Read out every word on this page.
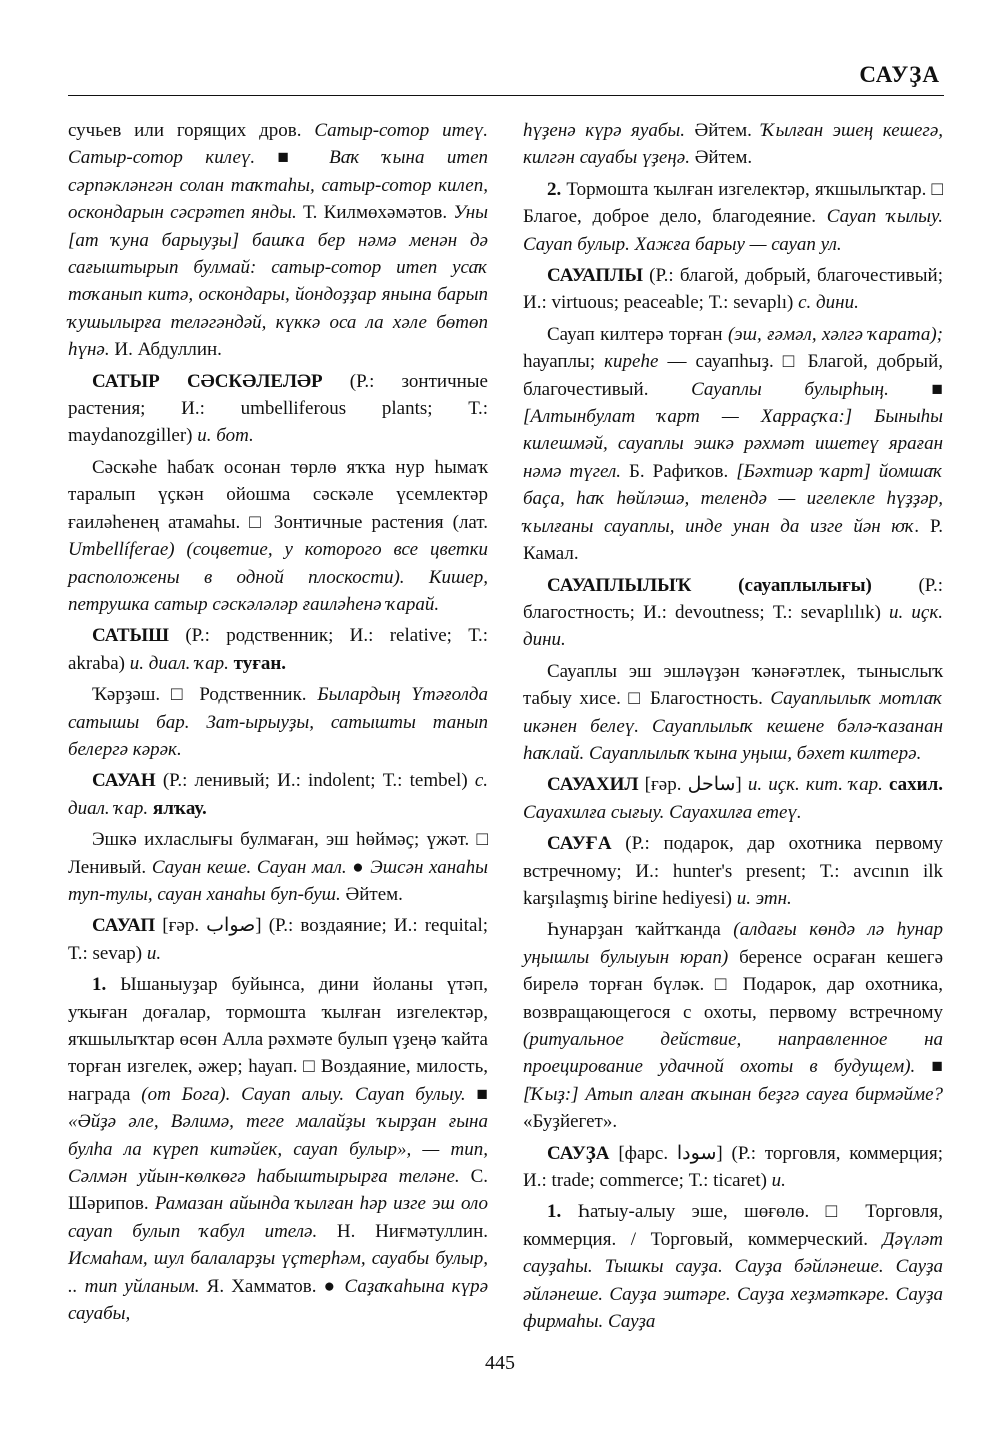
САУҘА

сучьев или горящих дров. Сатыр-сотор итеү. Сатыр-сотор килеү. ■ Ваҡ ҡына итеп сәрпәкләнгән солан таҡтаһы, сатыр-сотор килеп, оскондарын сәсрәтеп янды. Т. Килмөхәмәтов. Уны [ат ҡуна барыуҙы] башҡа бер нәмә менән дә сағыштырып булмай: сатыр-сотор итеп усаҡ тоҡанып китә, оскондары, йондоҙҙар янына барып ҡушылырға теләгәндәй, күккә оса ла хәле бөтөп һүнә. И. Абдуллин.

САТЫР СӘСКӘЛЕЛӘР (Р.: зонтичные растения; И.: umbelliferous plants; Т.: maydanozgiller) и. бот.

Сәскәһе һабаҡ осонан төрлө яҡҡа нур һымаҡ таралып үҫкән ойошма сәскәле үсемлектәр ғаиләһенең атамаһы. □ Зонтичные растения (лат. Umbellíferae) (соцветие, у которого все цветки расположены в одной плоскости). Кишер, петрушка сатыр сәскәләләр ғаиләһенә ҡарай.

САТЫШ (Р.: родственник; И.: relative; Т.: akraba) и. диал. ҡар. туған.

Ҡәрҙәш. □ Родственник. Былардың Үтәғолда сатышы бар. Зат-ырыуҙы, сатышты танып белергә кәрәк.

САУАН (Р.: ленивый; И.: indolent; Т.: tembel) с. диал. ҡар. ялҡау.

Эшкә ихласлығы булмаған, эш һөймәҫ; үжәт. □ Ленивый. Сауан кеше. Сауан мал. ● Эшсән ханаһы туп-тулы, сауан ханаһы буп-буш. Әйтем.

САУАП [ғәр. صواب] (Р.: воздаяние; И.: requital; Т.: sevap) и.

1. Ышаныуҙар буйынса, дини йоланы үтәп, уҡыған доғалар, тормошта ҡылған изгелектәр, яҡшылыҡтар өсөн Алла рәхмәте булып үҙеңә ҡайта торған изгелек, әжер; һауап. □ Воздаяние, милость, награда (от Бога). Сауап алыу. Сауап булыу. ■ «Әйҙә әле, Вәлимә, теге малайҙы ҡырҙан ғына булһа ла күреп китәйек, сауап булыр», — тип, Сәлмән уйын-көлкөгә һабыштырырға теләне. С. Шәрипов. Рамазан айында ҡылған һәр изге эш оло сауап булып ҡабул ителә. Н. Ниғмәтуллин. Исмаһам, шул балаларҙы үҫтерһәм, сауабы булыр, .. тип уйланым. Я. Хамматов. ● Саҙаҡаһына күрә сауабы,

һүҙенә күрә яуабы. Әйтем. Ҡылған эшең кешегә, килгән сауабы үҙеңә. Әйтем.

2. Тормошта ҡылған изгелектәр, яҡшылыҡтар. □ Благое, доброе дело, благодеяние. Сауап ҡылыу. Сауап булыр. Хажға барыу — сауап ул.

САУАПЛЫ (Р.: благой, добрый, благочестивый; И.: virtuous; peaceable; Т.: sevaplı) с. дини.

Сауап килтерә торған (эш, ғәмәл, хәлгә ҡарата); һауаплы; киреһе — сауапһыҙ. □ Благой, добрый, благочестивый. Сауаплы булырһың. ■ [Алтынбулат ҡарт — Харраҫҡа:] Быныһы килешмәй, сауаплы эшкә рәхмәт ишетеү яраған нәмә түгел. Б. Рафиҡов. [Бәхтиәр ҡарт] йомшаҡ баҫа, һаҡ һөйләшә, телендә — игелекле һүҙҙәр, ҡылғаны сауаплы, инде унан да изге йән юҡ. Р. Камал.

САУАПЛЫЛЫҠ (сауаплылығы) (Р.: благостность; И.: devoutness; Т.: sevaplılık) и. иҫк. дини.

Сауаплы эш эшләүҙән ҡәнәғәтлек, тыныслыҡ табыу хисе. □ Благостность. Сауаплылыҡ мотлаҡ икәнен белеү. Сауаплылыҡ кешене бәлә-ҡазанан һаҡлай. Сауаплылыҡ ҡына уңыш, бәхет килтерә.

САУАХИЛ [ғәр. ساحل] и. иҫк. кит. ҡар. сахил. Сауахилға сығыу. Сауахилға етеү.

САУҒА (Р.: подарок, дар охотника первому встречному; И.: hunter's present; Т.: avcının ilk karşılaşmış birine hediyesi) и. этн.

Һунарҙан ҡайтҡанда (алдағы көндә лә һунар уңышлы булыуын юрап) беренсе осраған кешегә бирелә торған бүләк. □ Подарок, дар охотника, возвращающегося с охоты, первому встречному (ритуальное действие, направленное на проецирование удачной охоты в будущем). ■ [Ҡыҙ:] Атып алған аҡынан беҙгә сауға бирмәйме? «Буҙйегет».

САУҘА [фарс. سودا] (Р.: торговля, коммерция; И.: trade; commerce; Т.: ticaret) и.

1. Һатыу-алыу эше, шөғөлө. □ Торговля, коммерция. / Торговый, коммерческий. Дәүләт сауҙаһы. Тышкы сауҙа. Сауҙа бәйләнеше. Сауҙа әйләнеше. Сауҙа эштәре. Сауҙа хеҙмәткәре. Сауҙа фирмаһы. Сауҙа

445
